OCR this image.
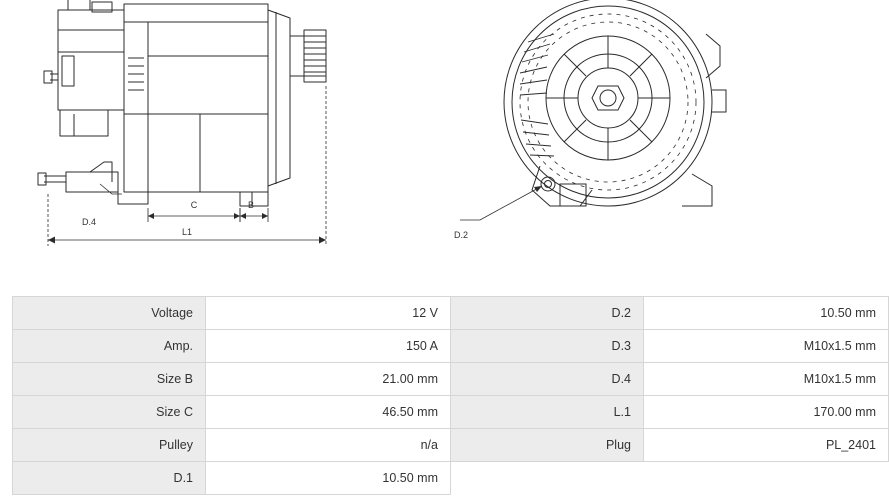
D.4
B
C
L1	D.2
Voltage	12 V	D.2	10.50 mm
Amp.	150 A	D.3	M10x1.5 mm
Size B	21.00 mm	D.4	M10x1.5 mm
Size C	46.50 mm	L.1	170.00 mm
Pulley	n/a	Plug	PL_2401
D.1	10.50 mm		
